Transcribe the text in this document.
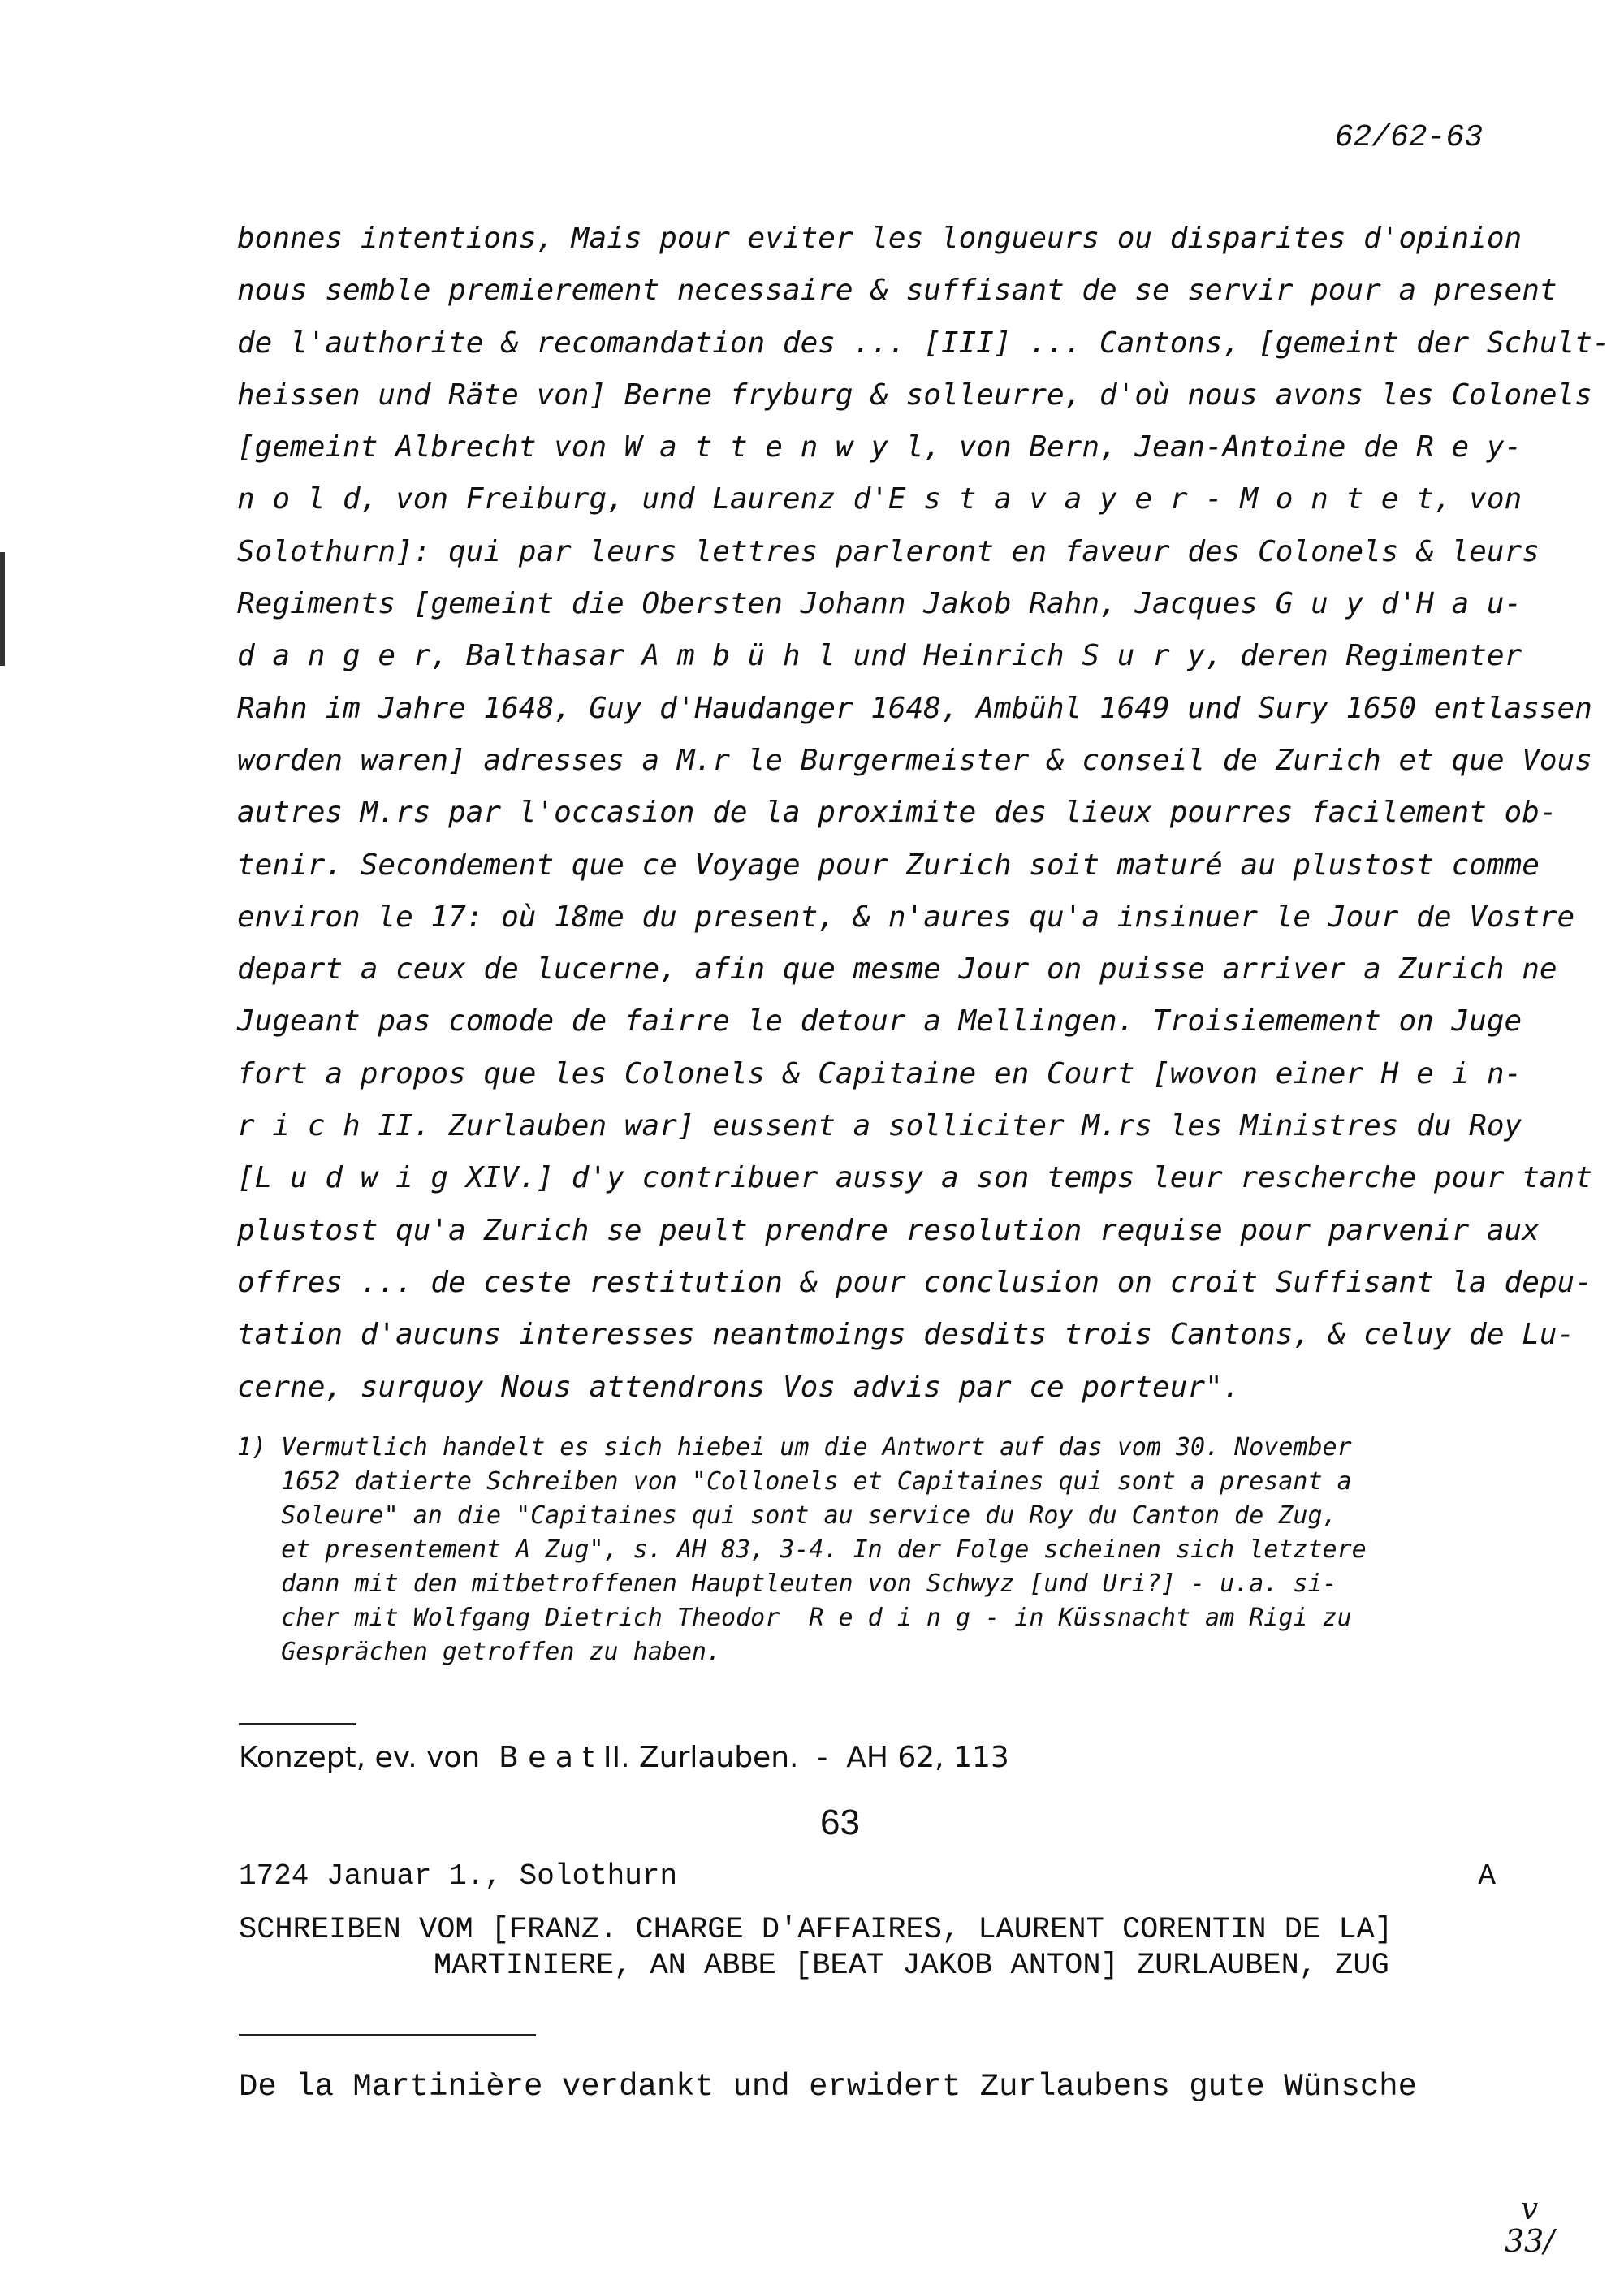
62/62-63
bonnes intentions, Mais pour eviter les longueurs ou disparites d'opinion
nous semble premierement necessaire & suffisant de se servir pour a present
de l'authorite & recomandation des ... [III] ... Cantons, [gemeint der Schult-
heissen und Räte von] Berne fryburg & solleurre, d'où nous avons les Colonels
[gemeint Albrecht von W a t t e n w y l, von Bern, Jean-Antoine de R e y-
n o l d, von Freiburg, und Laurenz d'E s t a v a y e r - M o n t e t, von
Solothurn]: qui par leurs lettres parleront en faveur des Colonels & leurs
Regiments [gemeint die Obersten Johann Jakob Rahn, Jacques G u y d'H a u-
d a n g e r, Balthasar A m b ü h l und Heinrich S u r y, deren Regimenter
Rahn im Jahre 1648, Guy d'Haudanger 1648, Ambühl 1649 und Sury 1650 entlassen
worden waren] adresses a M.r le Burgermeister & conseil de Zurich et que Vous
autres M.rs par l'occasion de la proximite des lieux pourres facilement ob-
tenir. Secondement que ce Voyage pour Zurich soit maturé au plustost comme
environ le 17: où 18me du present, & n'aures qu'a insinuer le Jour de Vostre
depart a ceux de lucerne, afin que mesme Jour on puisse arriver a Zurich ne
Jugeant pas comode de fairre le detour a Mellingen. Troisiemement on Juge
fort a propos que les Colonels & Capitaine en Court [wovon einer H e i n-
r i c h II. Zurlauben war] eussent a solliciter M.rs les Ministres du Roy
[L u d w i g XIV.] d'y contribuer aussy a son temps leur rescherche pour tant
plustost qu'a Zurich se peult prendre resolution requise pour parvenir aux
offres ... de ceste restitution & pour conclusion on croit Suffisant la depu-
tation d'aucuns interesses neantmoings desdits trois Cantons, & celuy de Lu-
cerne, surquoy Nous attendrons Vos advis par ce porteur".
1) Vermutlich handelt es sich hiebei um die Antwort auf das vom 30. November
1652 datierte Schreiben von "Collonels et Capitaines qui sont a presant a
Soleure" an die "Capitaines qui sont au service du Roy du Canton de Zug,
et presentement A Zug", s. AH 83, 3-4. In der Folge scheinen sich letztere
dann mit den mitbetroffenen Hauptleuten von Schwyz [und Uri?] - u.a. si-
cher mit Wolfgang Dietrich Theodor  R e d i n g - in Küssnacht am Rigi zu
Gesprächen getroffen zu haben.
Konzept, ev. von  B e a t II. Zurlauben.  -  AH 62, 113
63
1724 Januar 1., Solothurn	A
SCHREIBEN VOM [FRANZ. CHARGE D'AFFAIRES, LAURENT CORENTIN DE LA]
MARTINIERE, AN ABBE [BEAT JAKOB ANTON] ZURLAUBEN, ZUG
De la Martinière verdankt und erwidert Zurlaubens gute Wünsche
v
33/
